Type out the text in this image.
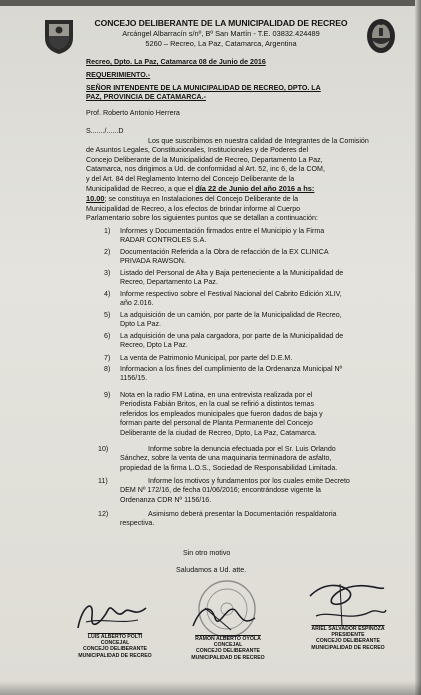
CONCEJO DELIBERANTE DE LA MUNICIPALIDAD DE RECREO
Arcángel Albarracín s/nº, Bº San Martín - T.E. 03832.424489
5260 – Recreo, La Paz, Catamarca, Argentina
Recreo, Dpto. La Paz, Catamarca 08 de Junio de 2016
REQUERIMIENTO.-
SEÑOR INTENDENTE DE LA MUNICIPALIDAD DE RECREO, DPTO. LA
PAZ, PROVINCIA DE CATAMARCA.-
Prof. Roberto Antonio Herrera
S......./......D
Los que suscribimos en nuestra calidad de Integrantes de la Comisión
de Asuntos Legales, Constitucionales, Institucionales y de Poderes del
Concejo Deliberante de la Municipalidad de Recreo, Departamento La Paz,
Catamarca, nos dirigimos a Ud. de conformidad al Art. 52, inc 6, de la COM,
y del Art. 84 del Reglamento Interno del Concejo Deliberante de la
Municipalidad de Recreo, a que el día 22 de Junio del año 2016 a hs:
10.00; se constituya en Instalaciones del Concejo Deliberante de la
Municipalidad de Recreo, a los efectos de brindar informe al Cuerpo
Parlamentario sobre los siguientes puntos que se detallan a continuación:
1) Informes y Documentación firmados entre el Municipio y la Firma
RADAR CONTROLES S.A.
2) Documentación Referida a la Obra de refacción de la EX CLINICA
PRIVADA RAWSON.
3) Listado del Personal de Alta y Baja perteneciente a la Municipalidad de
Recreo, Departamento La Paz.
4) Informe respectivo sobre el Festival Nacional del Cabrito Edición XLIV,
año 2.016.
5) La adquisición de un camión, por parte de la Municipalidad de Recreo,
Dpto La Paz.
6) La adquisición de una pala cargadora, por parte de la Municipalidad de
Recreo, Dpto La Paz.
7) La venta de Patrimonio Municipal, por parte del D.E.M.
8) Informacion a los fines del cumplimiento de la Ordenanza Municipal Nº
1156/15.
9) Nota en la radio FM Latina, en una entrevista realizada por el
Periodista Fabián Britos, en la cual se refirió a distintos temas
referidos los empleados municipales que fueron dados de baja y
forman parte del personal de Planta Permanente del Concejo
Deliberante de la ciudad de Recreo, Dpto, La Paz, Catamarca.
10)	Informe sobre la denuncia efectuada por el Sr. Luis Orlando
Sánchez, sobre la venta de una maquinaria terminadora de asfalto,
propiedad de la firma L.O.S., Sociedad de Responsabilidad Limitada.
11)	Informe los motivos y fundamentos por los cuales emite Decreto
DEM Nº 172/16, de fecha 01/06/2016; encontrándose vigente la
Ordenanza CDR Nº 1156/16.
12)	Asimismo deberá presentar la Documentación respaldatoria
respectiva.
Sin otro motivo
Saludamos a Ud. atte.
LUIS ALBERTO POLTI
CONCEJAL
CONCEJO DELIBERANTE
MUNICIPALIDAD DE RECREO
RAMON ALBERTO OYOLA
CONCEJAL
CONCEJO DELIBERANTE
MUNICIPALIDAD DE RECREO
ARIEL SALVADOR ESPINOZA
PRESIDENTE
CONCEJO DELIBERANTE
MUNICIPALIDAD DE RECREO
